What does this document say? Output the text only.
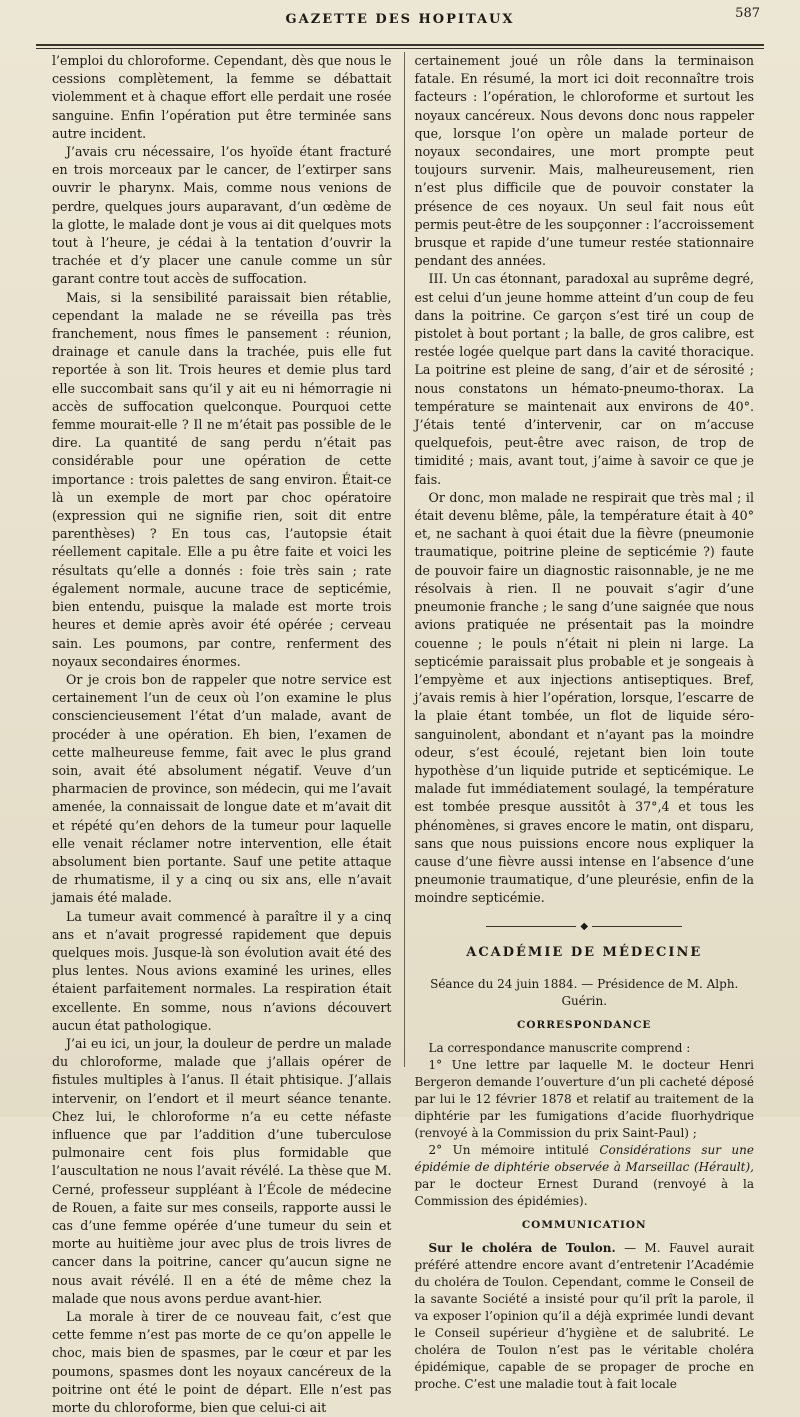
GAZETTE DES HOPITAUX	587

l’emploi du chloroforme. Cependant, dès que nous le cessions complètement, la femme se débattait violemment et à chaque effort elle perdait une rosée sanguine. Enfin l’opération put être terminée sans autre incident.

J’avais cru nécessaire, l’os hyoïde étant fracturé en trois morceaux par le cancer, de l’extirper sans ouvrir le pharynx. Mais, comme nous venions de perdre, quelques jours auparavant, d’un œdème de la glotte, le malade dont je vous ai dit quelques mots tout à l’heure, je cédai à la tentation d’ouvrir la trachée et d’y placer une canule comme un sûr garant contre tout accès de suffocation.

Mais, si la sensibilité paraissait bien rétablie, cependant la malade ne se réveilla pas très franchement, nous fîmes le pansement : réunion, drainage et canule dans la trachée, puis elle fut reportée à son lit. Trois heures et demie plus tard elle succombait sans qu’il y ait eu ni hémorragie ni accès de suffocation quelconque. Pourquoi cette femme mourait-elle ? Il ne m’était pas possible de le dire. La quantité de sang perdu n’était pas considérable pour une opération de cette importance : trois palettes de sang environ. Était-ce là un exemple de mort par choc opératoire (expression qui ne signifie rien, soit dit entre parenthèses) ? En tous cas, l’autopsie était réellement capitale. Elle a pu être faite et voici les résultats qu’elle a donnés : foie très sain ; rate également normale, aucune trace de septicémie, bien entendu, puisque la malade est morte trois heures et demie après avoir été opérée ; cerveau sain. Les poumons, par contre, renferment des noyaux secondaires énormes.

Or je crois bon de rappeler que notre service est certainement l’un de ceux où l’on examine le plus consciencieusement l’état d’un malade, avant de procéder à une opération. Eh bien, l’examen de cette malheureuse femme, fait avec le plus grand soin, avait été absolument négatif. Veuve d’un pharmacien de province, son médecin, qui me l’avait amenée, la connaissait de longue date et m’avait dit et répété qu’en dehors de la tumeur pour laquelle elle venait réclamer notre intervention, elle était absolument bien portante. Sauf une petite attaque de rhumatisme, il y a cinq ou six ans, elle n’avait jamais été malade.

La tumeur avait commencé à paraître il y a cinq ans et n’avait progressé rapidement que depuis quelques mois. Jusque-là son évolution avait été des plus lentes. Nous avions examiné les urines, elles étaient parfaitement normales. La respiration était excellente. En somme, nous n’avions découvert aucun état pathologique.

J’ai eu ici, un jour, la douleur de perdre un malade du chloroforme, malade que j’allais opérer de fistules multiples à l’anus. Il était phtisique. J’allais intervenir, on l’endort et il meurt séance tenante. Chez lui, le chloroforme n’a eu cette néfaste influence que par l’addition d’une tuberculose pulmonaire cent fois plus formidable que l’auscultation ne nous l’avait révélé. La thèse que M. Cerné, professeur suppléant à l’École de médecine de Rouen, a faite sur mes conseils, rapporte aussi le cas d’une femme opérée d’une tumeur du sein et morte au huitième jour avec plus de trois livres de cancer dans la poitrine, cancer qu’aucun signe ne nous avait révélé. Il en a été de même chez la malade que nous avons perdue avant-hier.

La morale à tirer de ce nouveau fait, c’est que cette femme n’est pas morte de ce qu’on appelle le choc, mais bien de spasmes, par le cœur et par les poumons, spasmes dont les noyaux cancéreux de la poitrine ont été le point de départ. Elle n’est pas morte du chloroforme, bien que celui-ci ait

certainement joué un rôle dans la terminaison fatale. En résumé, la mort ici doit reconnaître trois facteurs : l’opération, le chloroforme et surtout les noyaux cancéreux. Nous devons donc nous rappeler que, lorsque l’on opère un malade porteur de noyaux secondaires, une mort prompte peut toujours survenir. Mais, malheureusement, rien n’est plus difficile que de pouvoir constater la présence de ces noyaux. Un seul fait nous eût permis peut-être de les soupçonner : l’accroissement brusque et rapide d’une tumeur restée stationnaire pendant des années.

III. Un cas étonnant, paradoxal au suprême degré, est celui d’un jeune homme atteint d’un coup de feu dans la poitrine. Ce garçon s’est tiré un coup de pistolet à bout portant ; la balle, de gros calibre, est restée logée quelque part dans la cavité thoracique. La poitrine est pleine de sang, d’air et de sérosité ; nous constatons un hémato-pneumo-thorax. La température se maintenait aux environs de 40°. J’étais tenté d’intervenir, car on m’accuse quelquefois, peut-être avec raison, de trop de timidité ; mais, avant tout, j’aime à savoir ce que je fais.

Or donc, mon malade ne respirait que très mal ; il était devenu blême, pâle, la température était à 40° et, ne sachant à quoi était due la fièvre (pneumonie traumatique, poitrine pleine de septicémie ?) faute de pouvoir faire un diagnostic raisonnable, je ne me résolvais à rien. Il ne pouvait s’agir d’une pneumonie franche ; le sang d’une saignée que nous avions pratiquée ne présentait pas la moindre couenne ; le pouls n’était ni plein ni large. La septicémie paraissait plus probable et je songeais à l’empyème et aux injections antiseptiques. Bref, j’avais remis à hier l’opération, lorsque, l’escarre de la plaie étant tombée, un flot de liquide séro-sanguinolent, abondant et n’ayant pas la moindre odeur, s’est écoulé, rejetant bien loin toute hypothèse d’un liquide putride et septicémique. Le malade fut immédiatement soulagé, la température est tombée presque aussitôt à 37°,4 et tous les phénomènes, si graves encore le matin, ont disparu, sans que nous puissions encore nous expliquer la cause d’une fièvre aussi intense en l’absence d’une pneumonie traumatique, d’une pleurésie, enfin de la moindre septicémie.

◆
ACADÉMIE DE MÉDECINE

Séance du 24 juin 1884. — Présidence de M. Alph. Guérin.

CORRESPONDANCE

La correspondance manuscrite comprend :

1° Une lettre par laquelle M. le docteur Henri Bergeron demande l’ouverture d’un pli cacheté déposé par lui le 12 février 1878 et relatif au traitement de la diphtérie par les fumigations d’acide fluorhydrique (renvoyé à la Commission du prix Saint-Paul) ;

2° Un mémoire intitulé Considérations sur une épidémie de diphtérie observée à Marseillac (Hérault), par le docteur Ernest Durand (renvoyé à la Commission des épidémies).

COMMUNICATION

Sur le choléra de Toulon. — M. Fauvel aurait préféré attendre encore avant d’entretenir l’Académie du choléra de Toulon. Cependant, comme le Conseil de la savante Société a insisté pour qu’il prît la parole, il va exposer l’opinion qu’il a déjà exprimée lundi devant le Conseil supérieur d’hygiène et de salubrité. Le choléra de Toulon n’est pas le véritable choléra épidémique, capable de se propager de proche en proche. C’est une maladie tout à fait locale
